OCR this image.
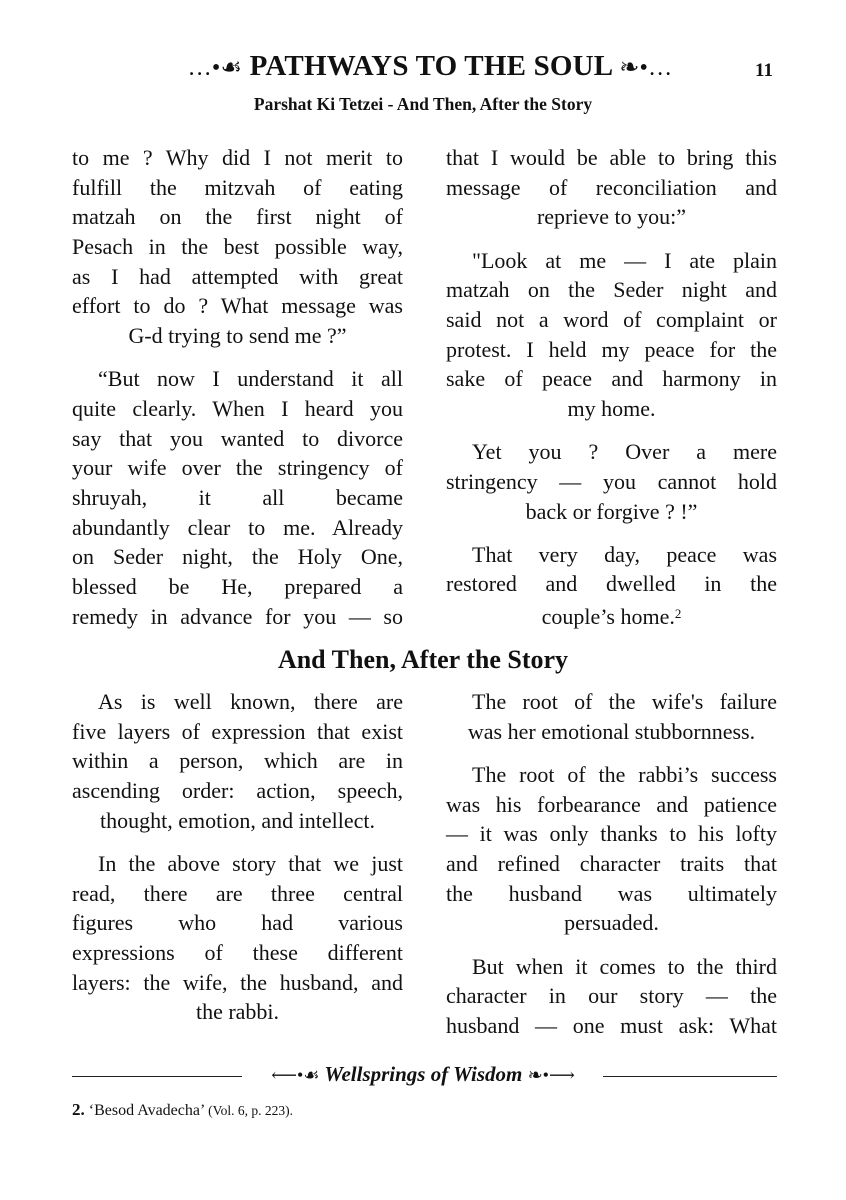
…•☙ PATHWAYS TO THE SOUL ❧•…	11
Parshat Ki Tetzei - And Then, After the Story
to me ? Why did I not merit to
fulfill the mitzvah of eating
matzah on the first night of
Pesach in the best possible way,
as I had attempted with great
effort to do ? What message was
G-d trying to send me ?”
“But now I understand it all
quite clearly. When I heard you
say that you wanted to divorce
your wife over the stringency of
shruyah, it all became
abundantly clear to me. Already
on Seder night, the Holy One,
blessed be He, prepared a
remedy in advance for you — so
that I would be able to bring this
message of reconciliation and
reprieve to you:”
"Look at me — I ate plain
matzah on the Seder night and
said not a word of complaint or
protest. I held my peace for the
sake of peace and harmony in
my home.
Yet you ? Over a mere
stringency — you cannot hold
back or forgive ? !”
That very day, peace was
restored and dwelled in the
couple’s home.$^2$
And Then, After the Story
As is well known, there are
five layers of expression that exist
within a person, which are in
ascending order: action, speech,
thought, emotion, and intellect.
In the above story that we just
read, there are three central
figures who had various
expressions of these different
layers: the wife, the husband, and
the rabbi.
The root of the wife's failure
was her emotional stubbornness.
The root of the rabbi’s success
was his forbearance and patience
— it was only thanks to his lofty
and refined character traits that
the husband was ultimately
persuaded.
But when it comes to the third
character in our story — the
husband — one must ask: What
⟵•☙ Wellsprings of Wisdom ❧•⟶
2. ‘Besod Avadecha’ (Vol. 6, p. 223).
